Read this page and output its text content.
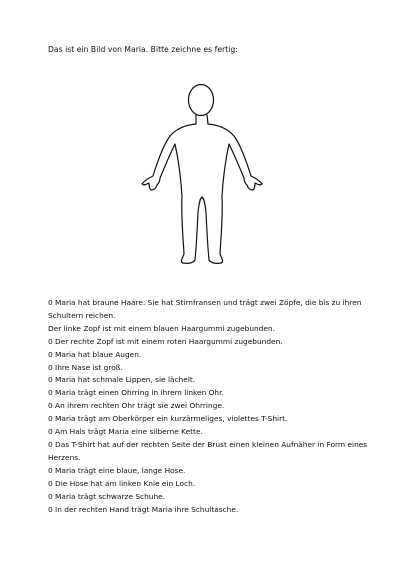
Das ist ein Bild von Maria. Bitte zeichne es fertig:
0 Maria hat braune Haare. Sie hat Stirnfransen und trägt zwei Zöpfe, die bis zu ihren Schultern reichen.
Der linke Zopf ist mit einem blauen Haargummi zugebunden.
0 Der rechte Zopf ist mit einem roten Haargummi zugebunden.
0 Maria hat blaue Augen.
0 Ihre Nase ist groß.
0 Maria hat schmale Lippen, sie lächelt.
0 Maria trägt einen Ohrring in ihrem linken Ohr.
0 An ihrem rechten Ohr trägt sie zwei Ohrringe.
0 Maria trägt am Oberkörper ein kurzärmeliges, violettes T-Shirt.
0 Am Hals trägt Maria eine silberne Kette.
0 Das T-Shirt hat auf der rechten Seite der Brust einen kleinen Aufnäher in Form eines Herzens.
0 Maria trägt eine blaue, lange Hose.
0 Die Hose hat am linken Knie ein Loch.
0 Maria trägt schwarze Schuhe.
0 In der rechten Hand trägt Maria ihre Schultasche.
